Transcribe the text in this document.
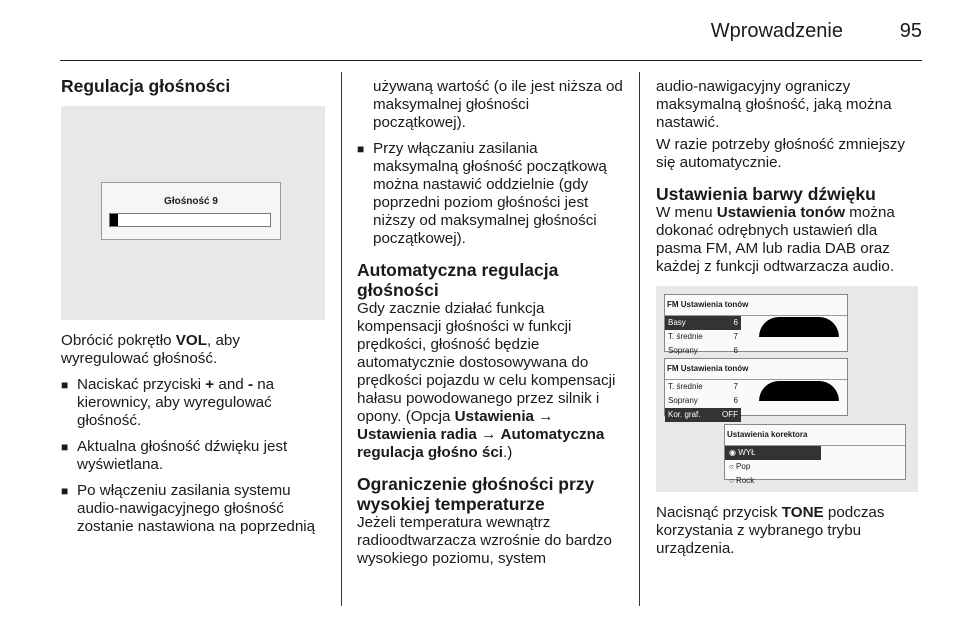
Wprowadzenie	95
Regulacja głośności
Głośność 9

Obrócić pokrętło VOL, aby wyregulować głośność.

■ Naciskać przyciski + and - na kierownicy, aby wyregulować głośność.
■ Aktualna głośność dźwięku jest wyświetlana.
■ Po włączeniu zasilania systemu audio-nawigacyjnego głośność zostanie nastawiona na poprzednią

używaną wartość (o ile jest niższa od maksymalnej głośności początkowej).

■ Przy włączaniu zasilania maksymalną głośność początkową można nastawić oddzielnie (gdy poprzedni poziom głośności jest niższy od maksymalnej głośności początkowej).
Automatyczna regulacja głośności

Gdy zacznie działać funkcja kompensacji głośności w funkcji prędkości, głośność będzie automatycznie dostosowywana do prędkości pojazdu w celu kompensacji hałasu powodowanego przez silnik i opony. (Opcja Ustawienia → Ustawienia radia → Automatyczna regulacja głośno ści.)

Ograniczenie głośności przy wysokiej temperaturze

Jeżeli temperatura wewnątrz radioodtwarzacza wzrośnie do bardzo wysokiego poziomu, system

audio-nawigacyjny ograniczy maksymalną głośność, jaką można nastawić.

W razie potrzeby głośność zmniejszy się automatycznie.

Ustawienia barwy dźwięku

W menu Ustawienia tonów można dokonać odrębnych ustawień dla pasma FM, AM lub radia DAB oraz każdej z funkcji odtwarzacza audio.

FM Ustawienia tonów
Basy	6
T. średnie	7
Soprany	6
FM Ustawienia tonów
T. średnie	7
Soprany	6
Kor. graf.	OFF
Ustawienia korektora
◉ WYŁ
○ Pop
○ Rock

Nacisnąć przycisk TONE podczas korzystania z wybranego trybu urządzenia.
